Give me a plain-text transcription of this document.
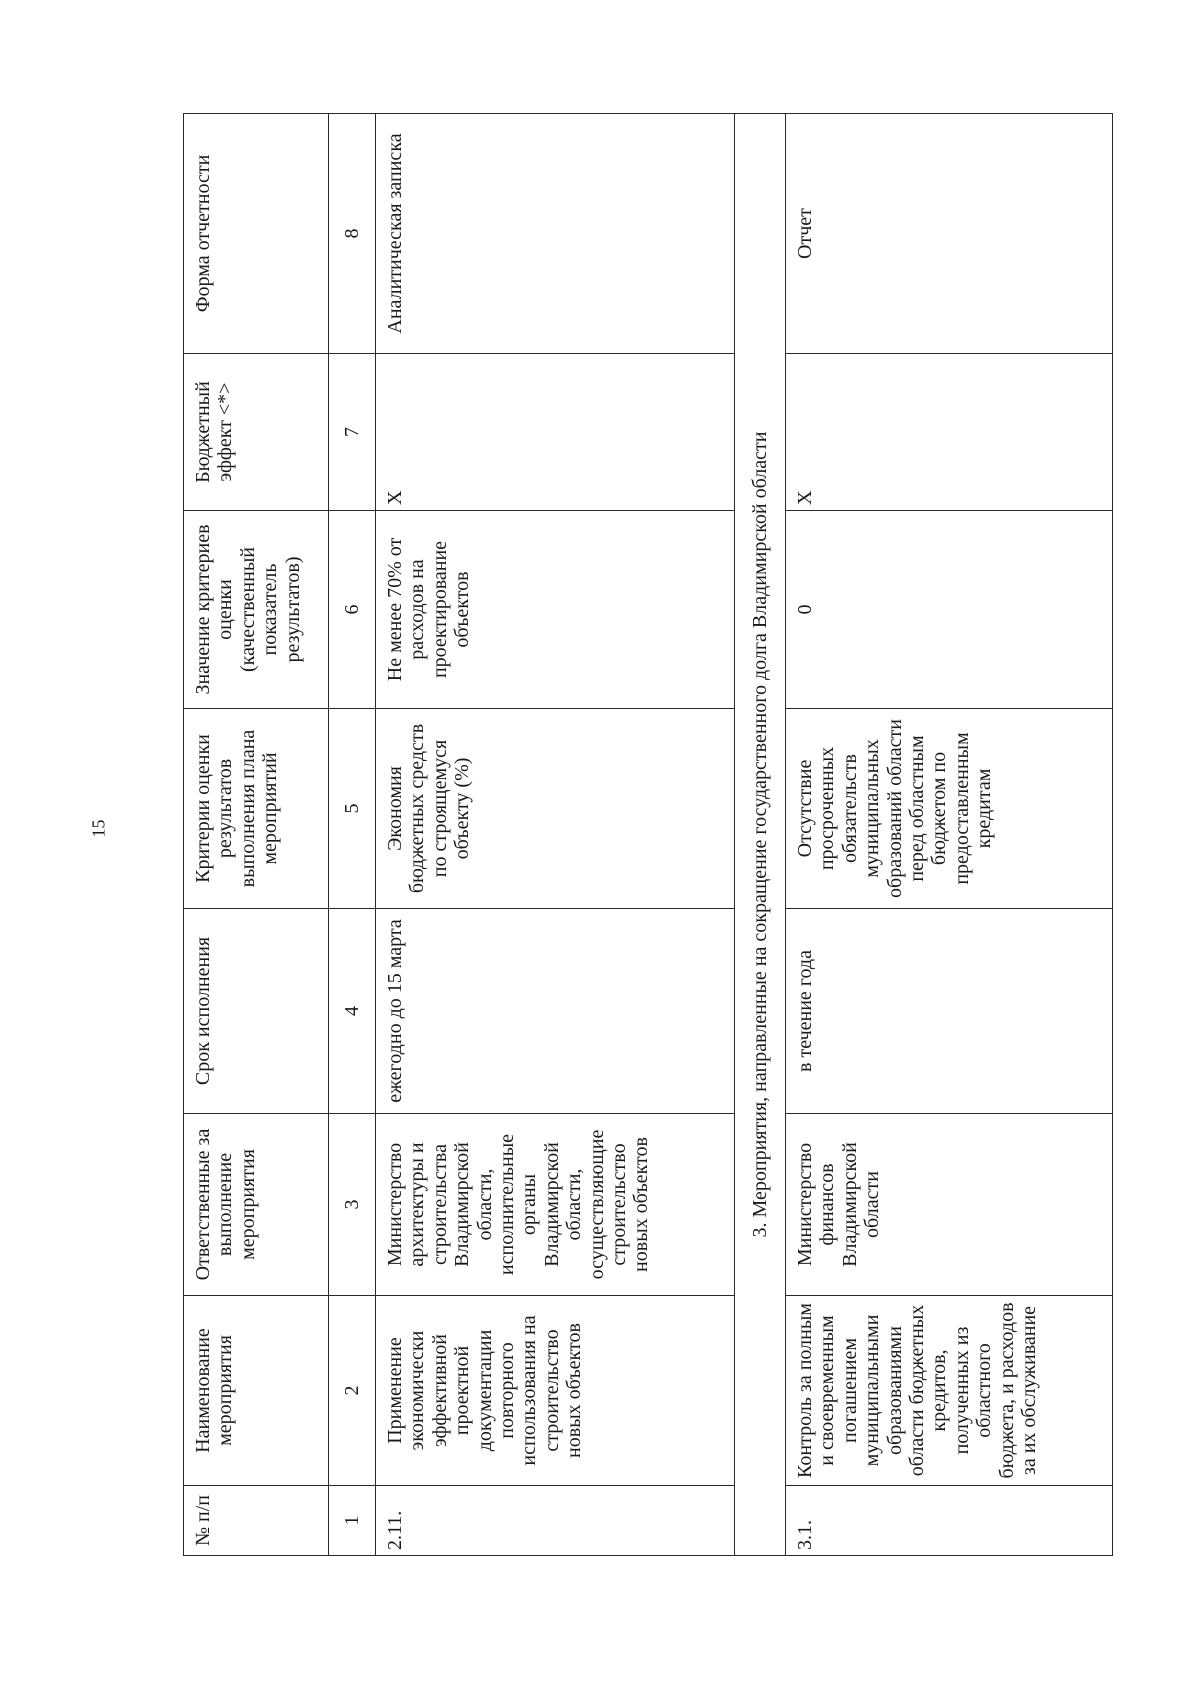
15
№ п/п	Наименование мероприятия	Ответственные за выполнение мероприятия	Срок исполнения	Критерии оценки результатов выполнения плана мероприятий	Значение критериев оценки (качественный показатель результатов)	Бюджетный эффект <*>	Форма отчетности
1	2	3	4	5	6	7	8
2.11.	Применение экономически эффективной проектной документации повторного использования на строительство новых объектов	Министерство архитектуры и строительства Владимирской области, исполнительные органы Владимирской области, осуществляющие строительство новых объектов	ежегодно до 15 марта	Экономия бюджетных средств по строящемуся объекту (%)	Не менее 70% от расходов на проектирование объектов	X	Аналитическая записка
3. Мероприятия, направленные на сокращение государственного долга Владимирской области							
3.1.	Контроль за полным и своевременным погашением муниципальными образованиями области бюджетных кредитов, полученных из областного бюджета, и расходов за их обслуживание	Министерство финансов Владимирской области	в течение года	Отсутствие просроченных обязательств муниципальных образований области перед областным бюджетом по предоставленным кредитам	0	X	Отчет
